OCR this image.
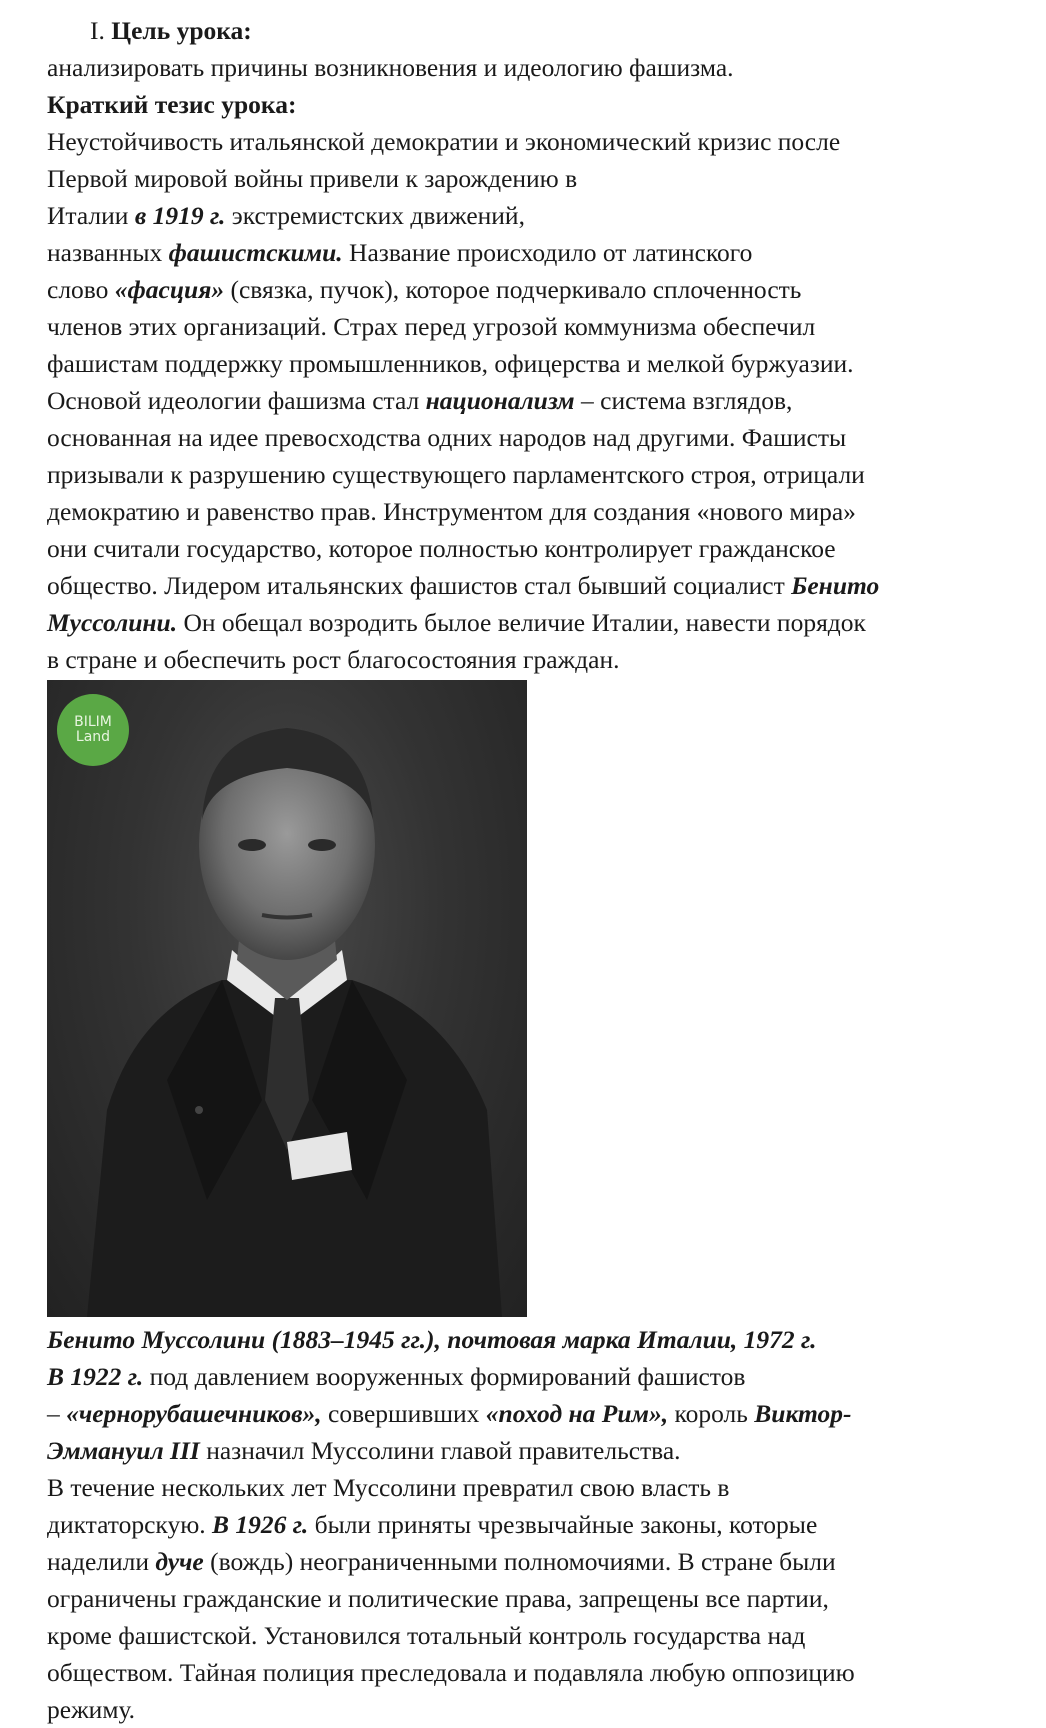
I. Цель урока:
анализировать причины возникновения и идеологию фашизма.
Краткий тезис урока:
Неустойчивость итальянской демократии и экономический кризис после
Первой мировой войны привели к зарождению в
Италии в 1919 г. экстремистских движений,
названных фашистскими. Название происходило от латинского
слово «фасция» (связка, пучок), которое подчеркивало сплоченность
членов этих организаций. Страх перед угрозой коммунизма обеспечил
фашистам поддержку промышленников, офицерства и мелкой буржуазии.
Основой идеологии фашизма стал национализм – система взглядов,
основанная на идее превосходства одних народов над другими. Фашисты
призывали к разрушению существующего парламентского строя, отрицали
демократию и равенство прав. Инструментом для создания «нового мира»
они считали государство, которое полностью контролирует гражданское
общество. Лидером итальянских фашистов стал бывший социалист Бенито
Муссолини. Он обещал возродить былое величие Италии, навести порядок
в стране и обеспечить рост благосостояния граждан.
BILIM
Land
Бенито Муссолини (1883–1945 гг.), почтовая марка Италии, 1972 г.
В 1922 г. под давлением вооруженных формирований фашистов
– «чернорубашечников», совершивших «поход на Рим», король Виктор-
Эммануил III назначил Муссолини главой правительства.
В течение нескольких лет Муссолини превратил свою власть в
диктаторскую. В 1926 г. были приняты чрезвычайные законы, которые
наделили дуче (вождь) неограниченными полномочиями. В стране были
ограничены гражданские и политические права, запрещены все партии,
кроме фашистской. Установился тотальный контроль государства над
обществом. Тайная полиция преследовала и подавляла любую оппозицию
режиму.
